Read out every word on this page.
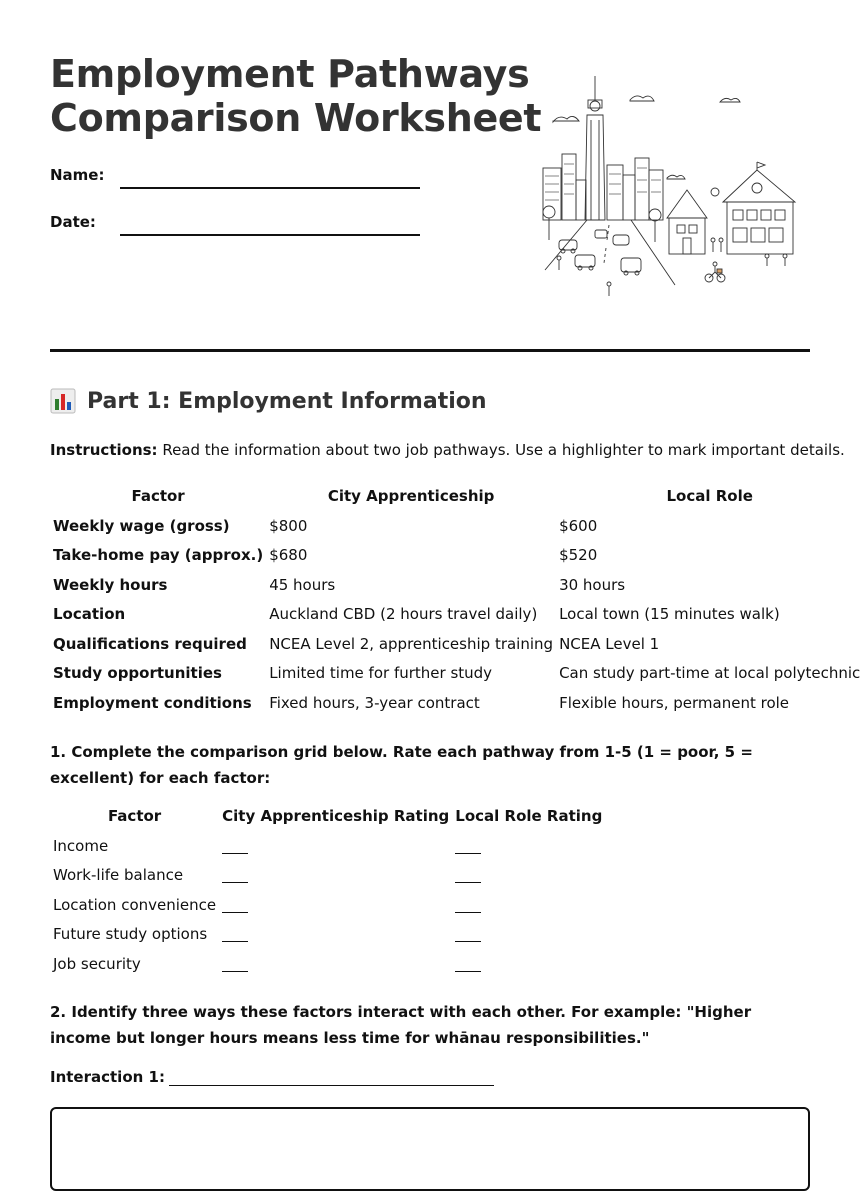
Employment Pathways
Comparison Worksheet
Name:
Date:
Part 1: Employment Information

Instructions: Read the information about two job pathways. Use a highlighter to mark important details.

Factor	City Apprenticeship	Local Role
Weekly wage (gross)	$800	$600
Take-home pay (approx.)	$680	$520
Weekly hours	45 hours	30 hours
Location	Auckland CBD (2 hours travel daily)	Local town (15 minutes walk)
Qualifications required	NCEA Level 2, apprenticeship training	NCEA Level 1
Study opportunities	Limited time for further study	Can study part-time at local polytechnic
Employment conditions	Fixed hours, 3-year contract	Flexible hours, permanent role

1. Complete the comparison grid below. Rate each pathway from 1-5 (1 = poor, 5 = excellent) for each factor:

Factor	City Apprenticeship Rating	Local Role Rating
Income		
Work-life balance		
Location convenience		
Future study options		
Job security		

2. Identify three ways these factors interact with each other. For example: "Higher income but longer hours means less time for whānau responsibilities."

Interaction 1:
